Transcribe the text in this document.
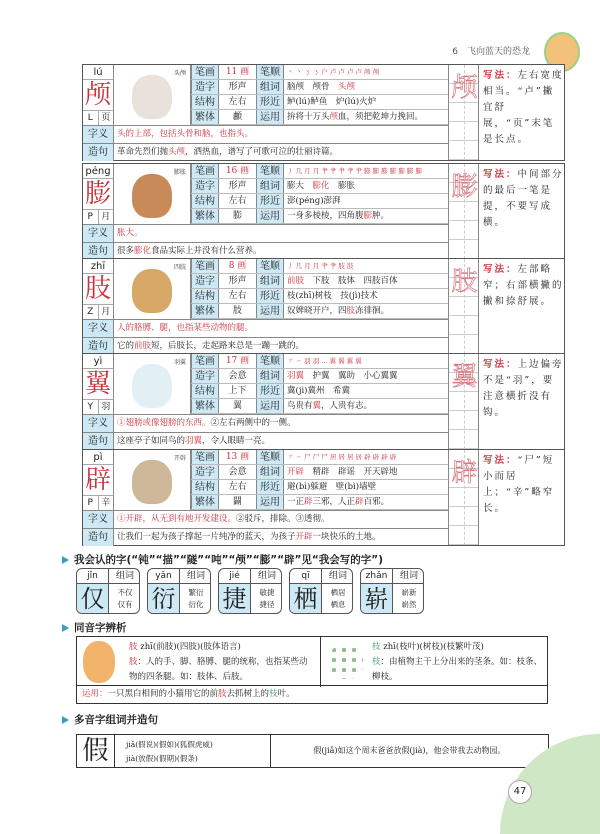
6　飞向蓝天的恐龙
lú
颅
L 页
头颅 笔画	11 画	笔顺	丶 丶 ㄋ ㄋ 户 卢 卢 卢 卢 颅 颅
造字	形声	组词 脑颅　颅骨　头颅
结构	左右	形近 鲈(lú)鲈鱼　炉(lú)火炉
繁体	顱	运用 拚将十万头颅血，须把乾坤力挽回。
字义	头的上部，包括头骨和脑，也指头。
造句	革命先烈们抛头颅，洒热血，谱写了可歌可泣的壮丽诗篇。
颅 写法：左右宽度相当。“卢”撇宜舒展，“页”末笔是长点。
péng
膨
P 月
膨胀 笔画	16 画	笔顺	丿 几 月 月 肀 肀 肀 肀 肀 膨 膨 膨 膨 膨 膨 膨
造字	形声	组词 膨大　膨化　膨胀
结构	左右	形近 澎(péng)澎湃
繁体	膨	运用 一身多棱棱，四角腹膨肿。
字义	胀大。
造句	很多膨化食品实际上并没有什么营养。
膨 写法：中间部分的最后一笔是提，不要写成横。
zhī
肢
Z 月
四肢 笔画	8 画	笔顺	丿 几 月 月 肀 肀 肢 肢
造字	形声	组词 前肢　下肢　肢体　四肢百体
结构	左右	形近 枝(zhī)树枝　技(jì)技术
繁体	肢	运用 奴婢晓开户，四肢冻徘徊。
字义	人的胳膊、腿，也指某些动物的腿。
造句	它的前肢短，后肢长，走起路来总是一蹦一跳的。
肢 写法：左部略窄；右部横撇的撇和捺舒展。
yì
翼
Y 羽
羽翼 笔画	17 画	笔顺	㇇ ㇀ 羽 羽 ... 翼 翼 翼 翼
造字	会意	组词 羽翼　护翼　翼助　小心翼翼
结构	上下	形近 冀(jì)冀州　希冀
繁体	翼	运用 鸟贵有翼，人贵有志。
字义	①翅膀或像翅膀的东西。②左右两侧中的一侧。
造句	这座亭子如同鸟的羽翼，令人眼睛一亮。
翼 写法：上边偏旁不是“羽”，要注意横折没有钩。
pì
辟
P 辛
开辟 笔画	13 画	笔顺	㇇ ㇀ 尸 尸 尸 居 居 居 居 辟 辟 辟 辟
造字	会意	组词 开辟　精辟　辟谣　开天辟地
结构	左右	形近 避(bì)躲避　壁(bì)墙壁
繁体	闢	运用 一正辟三邪，人正辟百邪。
字义	①开辟，从无到有地开发建设。②驳斥，排除。③透彻。
造句	让我们一起为孩子撑起一片纯净的蓝天，为孩子开辟一块快乐的土地。
辟 写法：“尸”短小而居上；“辛”略窄长。
我会认的字(“钝”“描”“隧”“吨”“颅”“膨”“辟”见“我会写的字”)
jǐn	组词
仅	不仅
仅有
yǎn	组词
衍	繁衍
衍化
jié	组词
捷	敏捷
捷径
qī	组词
栖	栖居
栖息
zhǎn	组词
崭	崭新
崭然
同音字辨析
肢 zhī(前肢)(四肢)(肢体语言)
肢：人的手、脚、胳膊、腿的统称，也指某些动物的四条腿。如：肢体、后肢。
枝 zhī(枝叶)(树枝)(枝繁叶茂)
枝：由植物主干上分出来的茎条。如：枝条、柳枝。
运用：一只黑白相间的小猫用它的前肢去抓树上的枝叶。
多音字组词并造句
假	jiǎ(假说)(假如)(狐假虎威)
jià(放假)(假期)(假条)
假(jiǎ)如这个周末爸爸放假(jià)，他会带我去动物园。
47
